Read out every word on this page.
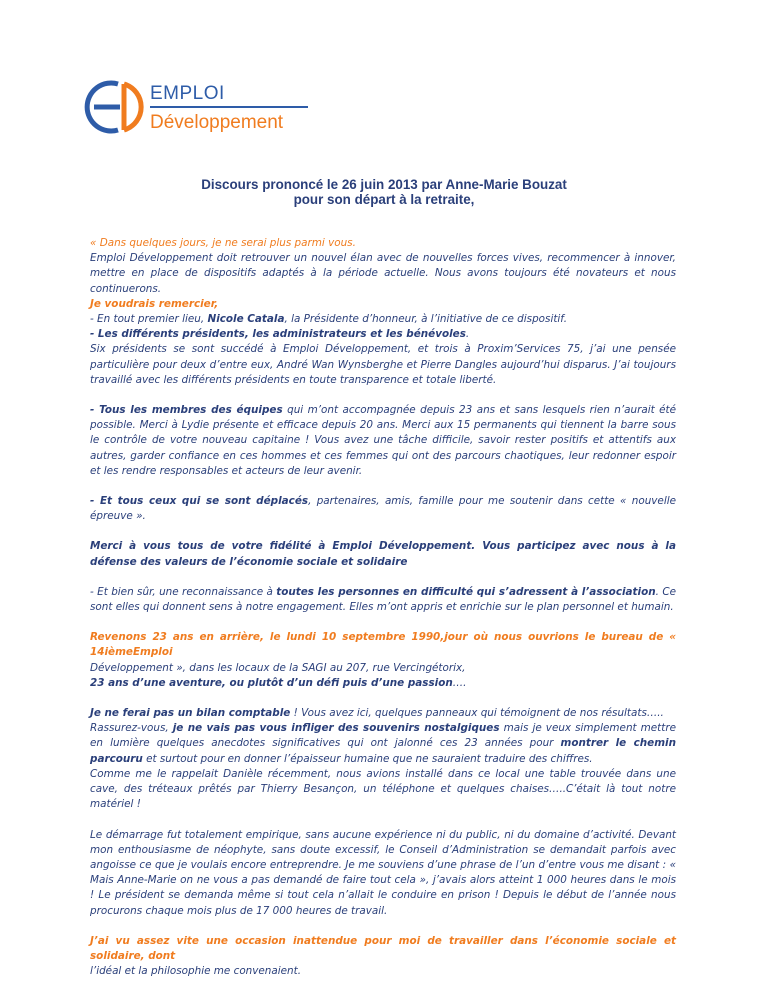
EMPLOI
Développement
Discours prononcé le 26 juin 2013 par Anne-Marie Bouzat
pour son départ à la retraite,

« Dans quelques jours, je ne serai plus parmi vous.
Emploi Développement doit retrouver un nouvel élan avec de nouvelles forces vives, recommencer à innover, mettre en place de dispositifs adaptés à la période actuelle. Nous avons toujours été novateurs et nous continuerons.
Je voudrais remercier,
- En tout premier lieu, Nicole Catala, la Présidente d’honneur, à l’initiative de ce dispositif.
- Les différents présidents, les administrateurs et les bénévoles.
Six présidents se sont succédé à Emploi Développement, et trois à Proxim’Services 75, j’ai une pensée particulière pour deux d’entre eux, André Wan Wynsberghe et Pierre Dangles aujourd’hui disparus. J’ai toujours travaillé avec les différents présidents en toute transparence et totale liberté.

- Tous les membres des équipes qui m’ont accompagnée depuis 23 ans et sans lesquels rien n’aurait été possible. Merci à Lydie présente et efficace depuis 20 ans. Merci aux 15 permanents qui tiennent la barre sous le contrôle de votre nouveau capitaine ! Vous avez une tâche difficile, savoir rester positifs et attentifs aux autres, garder confiance en ces hommes et ces femmes qui ont des parcours chaotiques, leur redonner espoir et les rendre responsables et acteurs de leur avenir.

- Et tous ceux qui se sont déplacés, partenaires, amis, famille pour me soutenir dans cette « nouvelle épreuve ».

Merci à vous tous de votre fidélité à Emploi Développement. Vous participez avec nous à la défense des valeurs de l’économie sociale et solidaire

- Et bien sûr, une reconnaissance à toutes les personnes en difficulté qui s’adressent à l’association. Ce sont elles qui donnent sens à notre engagement. Elles m’ont appris et enrichie sur le plan personnel et humain.

Revenons 23 ans en arrière, le lundi 10 septembre 1990,jour où nous ouvrions le bureau de « 14ièmeEmploi
Développement », dans les locaux de la SAGI au 207, rue Vercingétorix,
23 ans d’une aventure, ou plutôt d’un défi puis d’une passion….

Je ne ferai pas un bilan comptable ! Vous avez ici, quelques panneaux qui témoignent de nos résultats…..
Rassurez-vous, je ne vais pas vous infliger des souvenirs nostalgiques mais je veux simplement mettre en lumière quelques anecdotes significatives qui ont jalonné ces 23 années pour montrer le chemin parcouru et surtout pour en donner l’épaisseur humaine que ne sauraient traduire des chiffres.
Comme me le rappelait Danièle récemment, nous avions installé dans ce local une table trouvée dans une cave, des tréteaux prêtés par Thierry Besançon, un téléphone et quelques chaises…..C’était là tout notre matériel !

Le démarrage fut totalement empirique, sans aucune expérience ni du public, ni du domaine d’activité. Devant mon enthousiasme de néophyte, sans doute excessif, le Conseil d’Administration se demandait parfois avec angoisse ce que je voulais encore entreprendre. Je me souviens d’une phrase de l’un d’entre vous me disant : « Mais Anne-Marie on ne vous a pas demandé de faire tout cela », j’avais alors atteint 1 000 heures dans le mois ! Le président se demanda même si tout cela n’allait le conduire en prison ! Depuis le début de l’année nous procurons chaque mois plus de 17 000 heures de travail.

J’ai vu assez vite une occasion inattendue pour moi de travailler dans l’économie sociale et solidaire, dont
l’idéal et la philosophie me convenaient.
